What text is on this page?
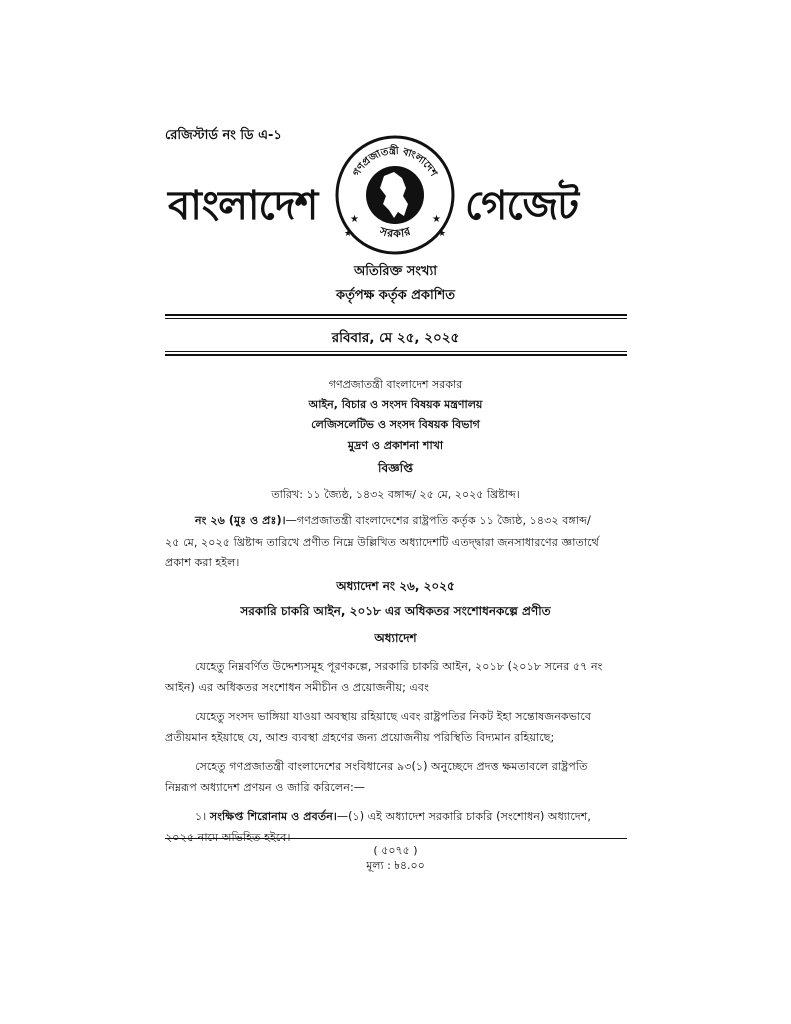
রেজিস্টার্ড নং ডি এ-১
বাংলাদেশ
গণপ্রজাতন্ত্রী বাংলাদেশ
সরকার
★	★
★	★
গেজেট
অতিরিক্ত সংখ্যা
কর্তৃপক্ষ কর্তৃক প্রকাশিত
রবিবার, মে ২৫, ২০২৫
গণপ্রজাতন্ত্রী বাংলাদেশ সরকার
আইন, বিচার ও সংসদ বিষয়ক মন্ত্রণালয়
লেজিসলেটিভ ও সংসদ বিষয়ক বিভাগ
মুদ্রণ ও প্রকাশনা শাখা
বিজ্ঞপ্তি
তারিখ: ১১ জ্যৈষ্ঠ, ১৪৩২ বঙ্গাব্দ/ ২৫ মে, ২০২৫ খ্রিষ্টাব্দ।
নং ২৬ (মুঃ ও প্রঃ)।—গণপ্রজাতন্ত্রী বাংলাদেশের রাষ্ট্রপতি কর্তৃক ১১ জ্যৈষ্ঠ, ১৪৩২ বঙ্গাব্দ/

২৫ মে, ২০২৫ খ্রিষ্টাব্দ তারিখে প্রণীত নিম্নে উল্লিখিত অধ্যাদেশটি এতদ্দ্বারা জনসাধারণের জ্ঞাতার্থে
প্রকাশ করা হইল।
অধ্যাদেশ নং ২৬, ২০২৫
সরকারি চাকরি আইন, ২০১৮ এর অধিকতর সংশোধনকল্পে প্রণীত
অধ্যাদেশ
যেহেতু নিম্নবর্ণিত উদ্দেশ্যসমূহ পূরণকল্পে, সরকারি চাকরি আইন, ২০১৮ (২০১৮ সনের ৫৭ নং
আইন) এর অধিকতর সংশোধন সমীচীন ও প্রয়োজনীয়; এবং
যেহেতু সংসদ ভাঙ্গিয়া যাওয়া অবস্থায় রহিয়াছে এবং রাষ্ট্রপতির নিকট ইহা সন্তোষজনকভাবে
প্রতীয়মান হইয়াছে যে, আশু ব্যবস্থা গ্রহণের জন্য প্রয়োজনীয় পরিস্থিতি বিদ্যমান রহিয়াছে;
সেহেতু গণপ্রজাতন্ত্রী বাংলাদেশের সংবিধানের ৯৩(১) অনুচ্ছেদে প্রদত্ত ক্ষমতাবলে রাষ্ট্রপতি
নিম্নরূপ অধ্যাদেশ প্রণয়ন ও জারি করিলেন:—
১। সংক্ষিপ্ত শিরোনাম ও প্রবর্তন।—(১) এই অধ্যাদেশ সরকারি চাকরি (সংশোধন) অধ্যাদেশ,
২০২৫ নামে অভিহিত হইবে।
( ৫০৭৫ )
মূল্য : ৳৪.০০
